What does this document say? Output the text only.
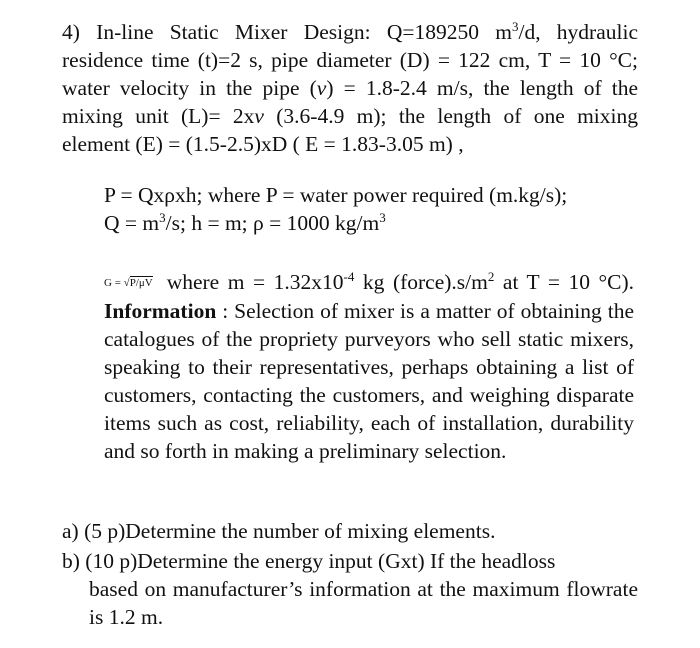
4) In-line Static Mixer Design: Q=189250 $m^3/d$, hydraulic residence time (t)=2 s, pipe diameter (D) = 122 cm, T = 10 °C; water velocity in the pipe (v) = 1.8-2.4 m/s, the length of the mixing unit (L)= 2xv (3.6-4.9 m); the length of one mixing element (E) = (1.5-2.5)xD ( E = 1.83-3.05 m) ,
P = Qxρxh; where P = water power required (m.kg/s);
$Q = m^3/s$; h = m; ρ = 1000 $kg/m^3$
G = √P/μV where $m = 1.32x10^{-4}$ kg $(force).s/m^2$ at T = 10 °C). Information : Selection of mixer is a matter of obtaining the catalogues of the propriety purveyors who sell static mixers, speaking to their representatives, perhaps obtaining a list of customers, contacting the customers, and weighing disparate items such as cost, reliability, each of installation, durability and so forth in making a preliminary selection.
a) (5 p)Determine the number of mixing elements.
b) (10 p)Determine the energy input (Gxt) If the headloss
based on manufacturer’s information at the maximum flowrate is 1.2 m.
